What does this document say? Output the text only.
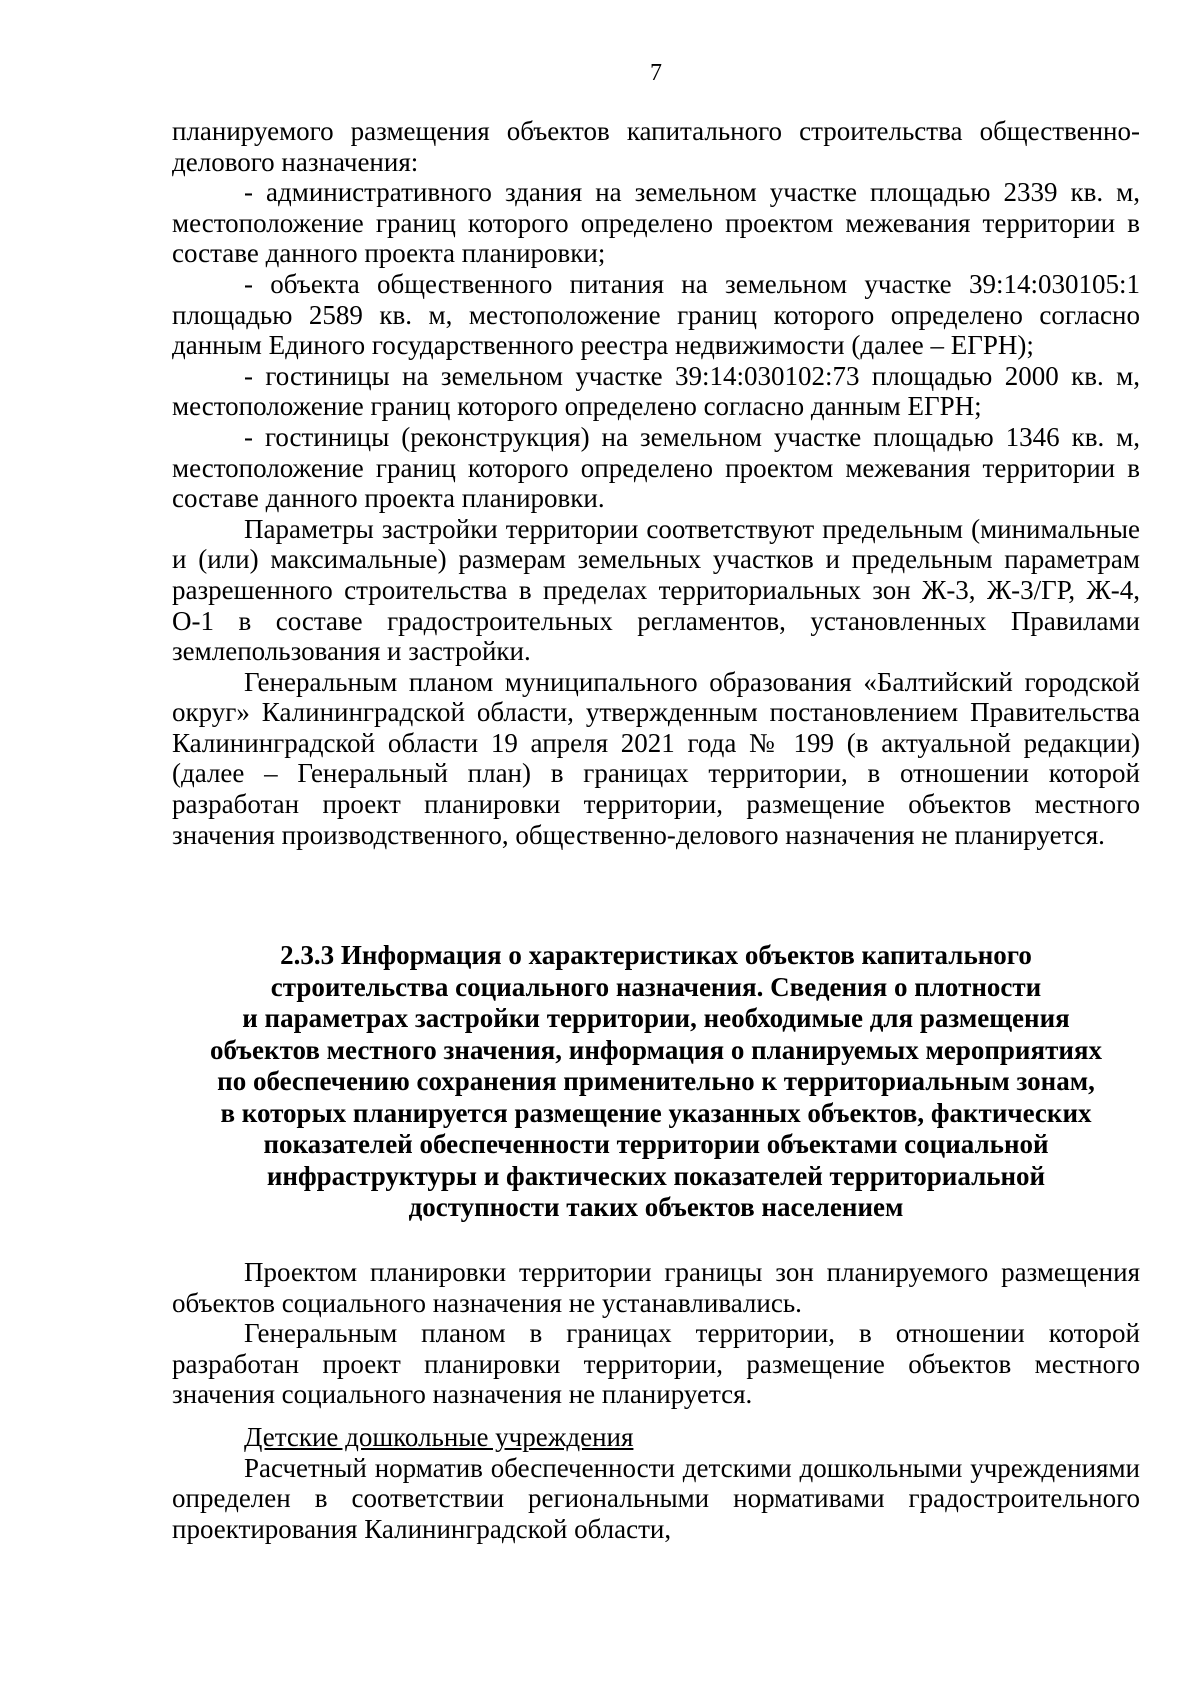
7

планируемого размещения объектов капитального строительства общественно-делового назначения:

- административного здания на земельном участке площадью 2339 кв. м, местоположение границ которого определено проектом межевания территории в составе данного проекта планировки;

- объекта общественного питания на земельном участке 39:14:030105:1 площадью 2589 кв. м, местоположение границ которого определено согласно данным Единого государственного реестра недвижимости (далее – ЕГРН);

- гостиницы на земельном участке 39:14:030102:73 площадью 2000 кв. м, местоположение границ которого определено согласно данным ЕГРН;

- гостиницы (реконструкция) на земельном участке площадью 1346 кв. м, местоположение границ которого определено проектом межевания территории в составе данного проекта планировки.

Параметры застройки территории соответствуют предельным (минимальные и (или) максимальные) размерам земельных участков и предельным параметрам разрешенного строительства в пределах территориальных зон Ж-3, Ж-3/ГР, Ж-4, О-1 в составе градостроительных регламентов, установленных Правилами землепользования и застройки.

Генеральным планом муниципального образования «Балтийский городской округ» Калининградской области, утвержденным постановлением Правительства Калининградской области 19 апреля 2021 года № 199 (в актуальной редакции) (далее – Генеральный план) в границах территории, в отношении которой разработан проект планировки территории, размещение объектов местного значения производственного, общественно-делового назначения не планируется.

2.3.3 Информация о характеристиках объектов капитального
строительства социального назначения. Сведения о плотности
и параметрах застройки территории, необходимые для размещения
объектов местного значения, информация о планируемых мероприятиях
по обеспечению сохранения применительно к территориальным зонам,
в которых планируется размещение указанных объектов, фактических
показателей обеспеченности территории объектами социальной
инфраструктуры и фактических показателей территориальной
доступности таких объектов населением

Проектом планировки территории границы зон планируемого размещения объектов социального назначения не устанавливались.

Генеральным планом в границах территории, в отношении которой разработан проект планировки территории, размещение объектов местного значения социального назначения не планируется.

Детские дошкольные учреждения

Расчетный норматив обеспеченности детскими дошкольными учреждениями определен в соответствии региональными нормативами градостроительного проектирования Калининградской области,
